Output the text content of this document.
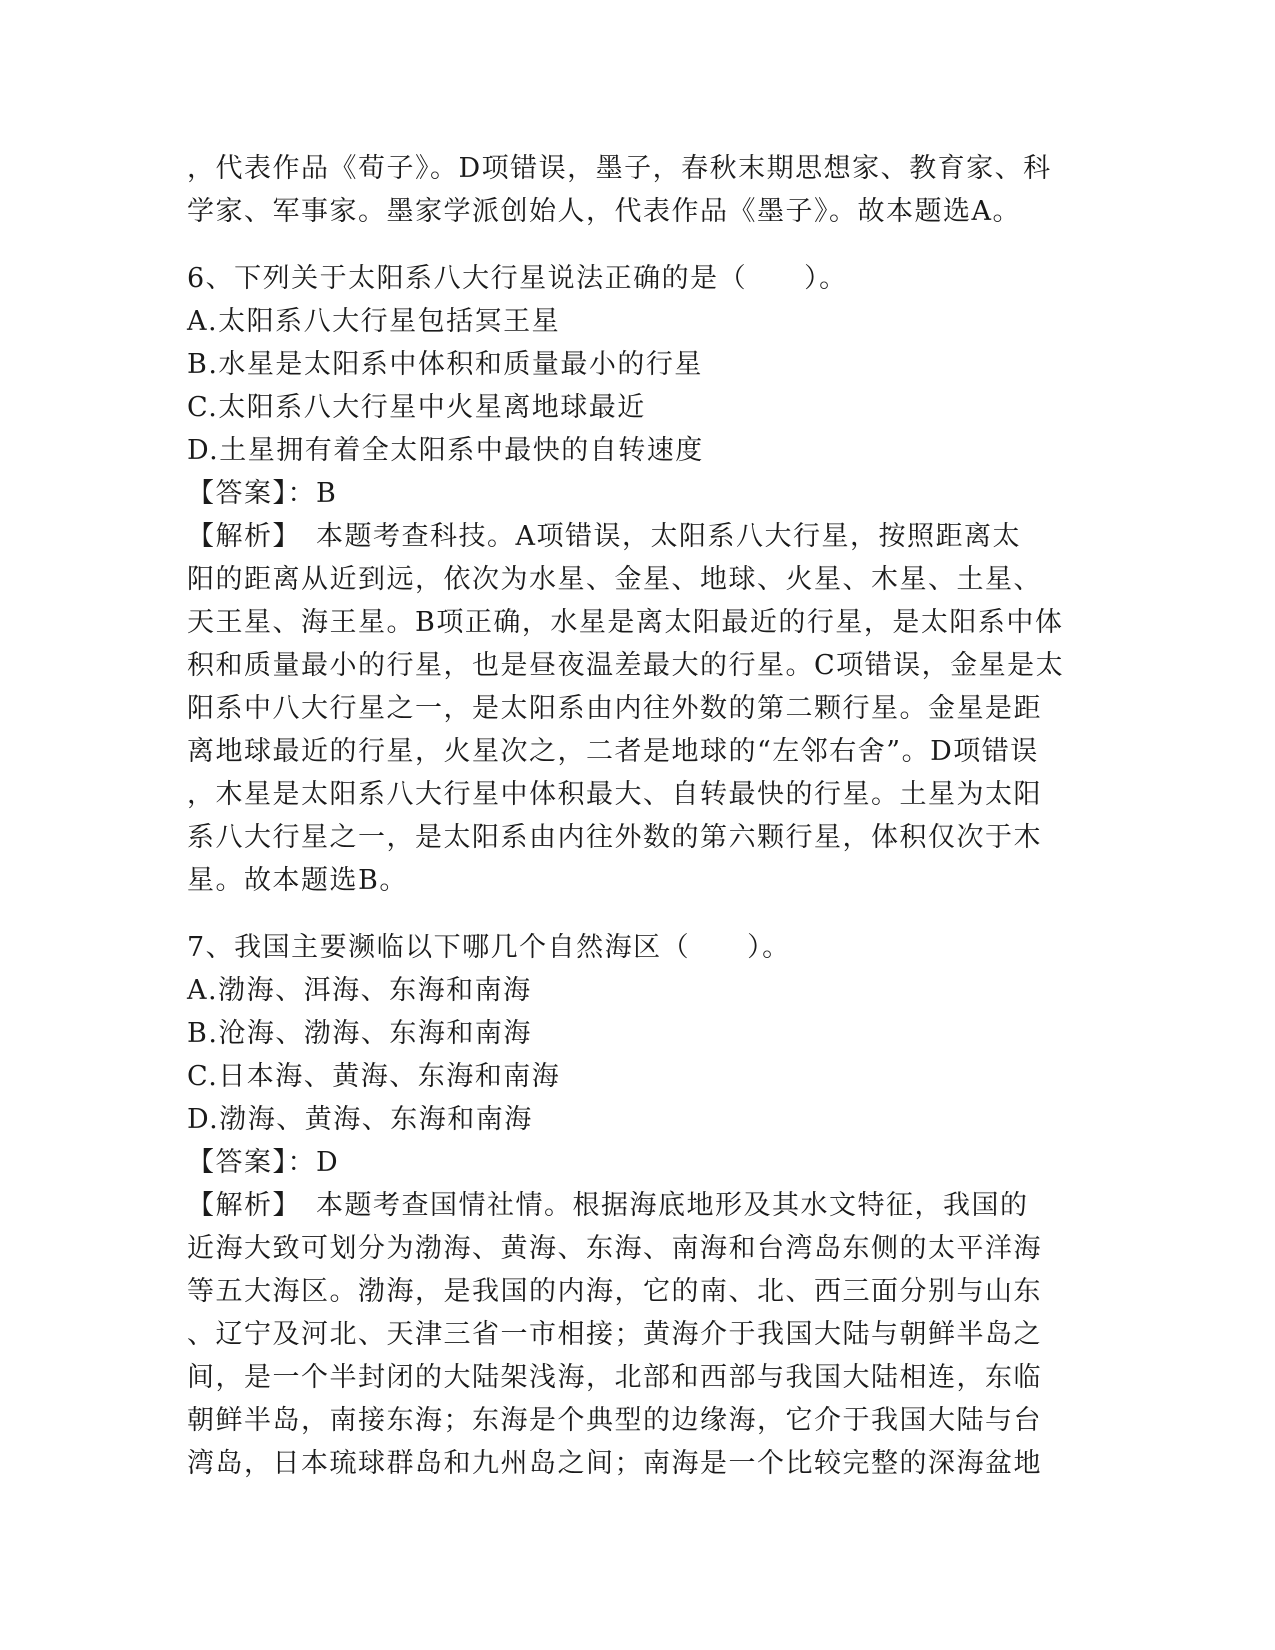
，代表作品《荀子》。D项错误，墨子，春秋末期思想家、教育家、科
学家、军事家。墨家学派创始人，代表作品《墨子》。故本题选A。
6、下列关于太阳系八大行星说法正确的是（　　）。
A.太阳系八大行星包括冥王星
B.水星是太阳系中体积和质量最小的行星
C.太阳系八大行星中火星离地球最近
D.土星拥有着全太阳系中最快的自转速度
【答案】：B
【解析】　本题考查科技。A项错误，太阳系八大行星，按照距离太
阳的距离从近到远，依次为水星、金星、地球、火星、木星、土星、
天王星、海王星。B项正确，水星是离太阳最近的行星，是太阳系中体
积和质量最小的行星，也是昼夜温差最大的行星。C项错误，金星是太
阳系中八大行星之一，是太阳系由内往外数的第二颗行星。金星是距
离地球最近的行星，火星次之，二者是地球的“左邻右舍”。D项错误
，木星是太阳系八大行星中体积最大、自转最快的行星。土星为太阳
系八大行星之一，是太阳系由内往外数的第六颗行星，体积仅次于木
星。故本题选B。
7、我国主要濒临以下哪几个自然海区（　　）。
A.渤海、洱海、东海和南海
B.沧海、渤海、东海和南海
C.日本海、黄海、东海和南海
D.渤海、黄海、东海和南海
【答案】：D
【解析】　本题考查国情社情。根据海底地形及其水文特征，我国的
近海大致可划分为渤海、黄海、东海、南海和台湾岛东侧的太平洋海
等五大海区。渤海，是我国的内海，它的南、北、西三面分别与山东
、辽宁及河北、天津三省一市相接；黄海介于我国大陆与朝鲜半岛之
间，是一个半封闭的大陆架浅海，北部和西部与我国大陆相连，东临
朝鲜半岛，南接东海；东海是个典型的边缘海，它介于我国大陆与台
湾岛，日本琉球群岛和九州岛之间；南海是一个比较完整的深海盆地
